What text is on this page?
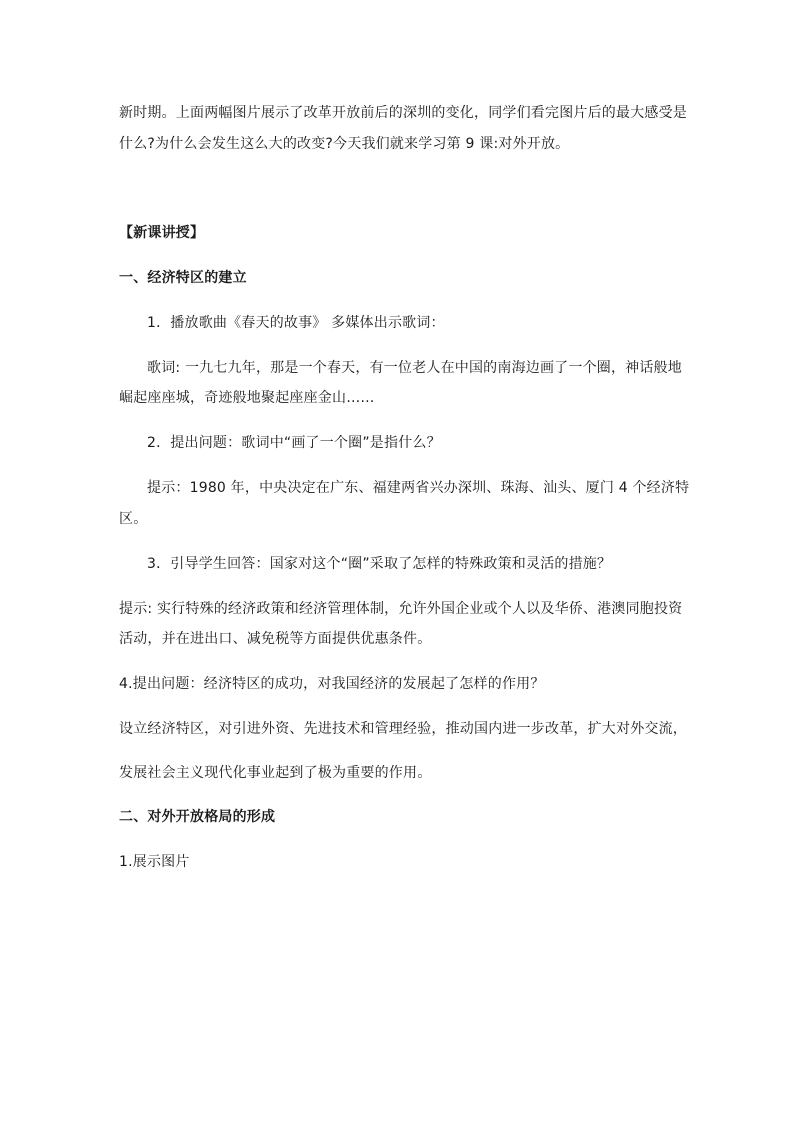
新时期。上面两幅图片展示了改革开放前后的深圳的变化，同学们看完图片后的最大感受是
什么?为什么会发生这么大的改变?今天我们就来学习第 9 课:对外开放。
【新课讲授】
一、经济特区的建立
1．播放歌曲《春天的故事》 多媒体出示歌词：
歌词: 一九七九年，那是一个春天，有一位老人在中国的南海边画了一个圈，神话般地
崛起座座城，奇迹般地聚起座座金山……
2．提出问题：歌词中“画了一个圈”是指什么？
提示：1980 年，中央决定在广东、福建两省兴办深圳、珠海、汕头、厦门 4 个经济特
区。
3．引导学生回答：国家对这个“圈”采取了怎样的特殊政策和灵活的措施？
提示: 实行特殊的经济政策和经济管理体制，允许外国企业或个人以及华侨、港澳同胞投资
活动，并在进出口、减免税等方面提供优惠条件。
4.提出问题：经济特区的成功，对我国经济的发展起了怎样的作用？
设立经济特区，对引进外资、先进技术和管理经验，推动国内进一步改革，扩大对外交流，
发展社会主义现代化事业起到了极为重要的作用。
二、对外开放格局的形成
1.展示图片
